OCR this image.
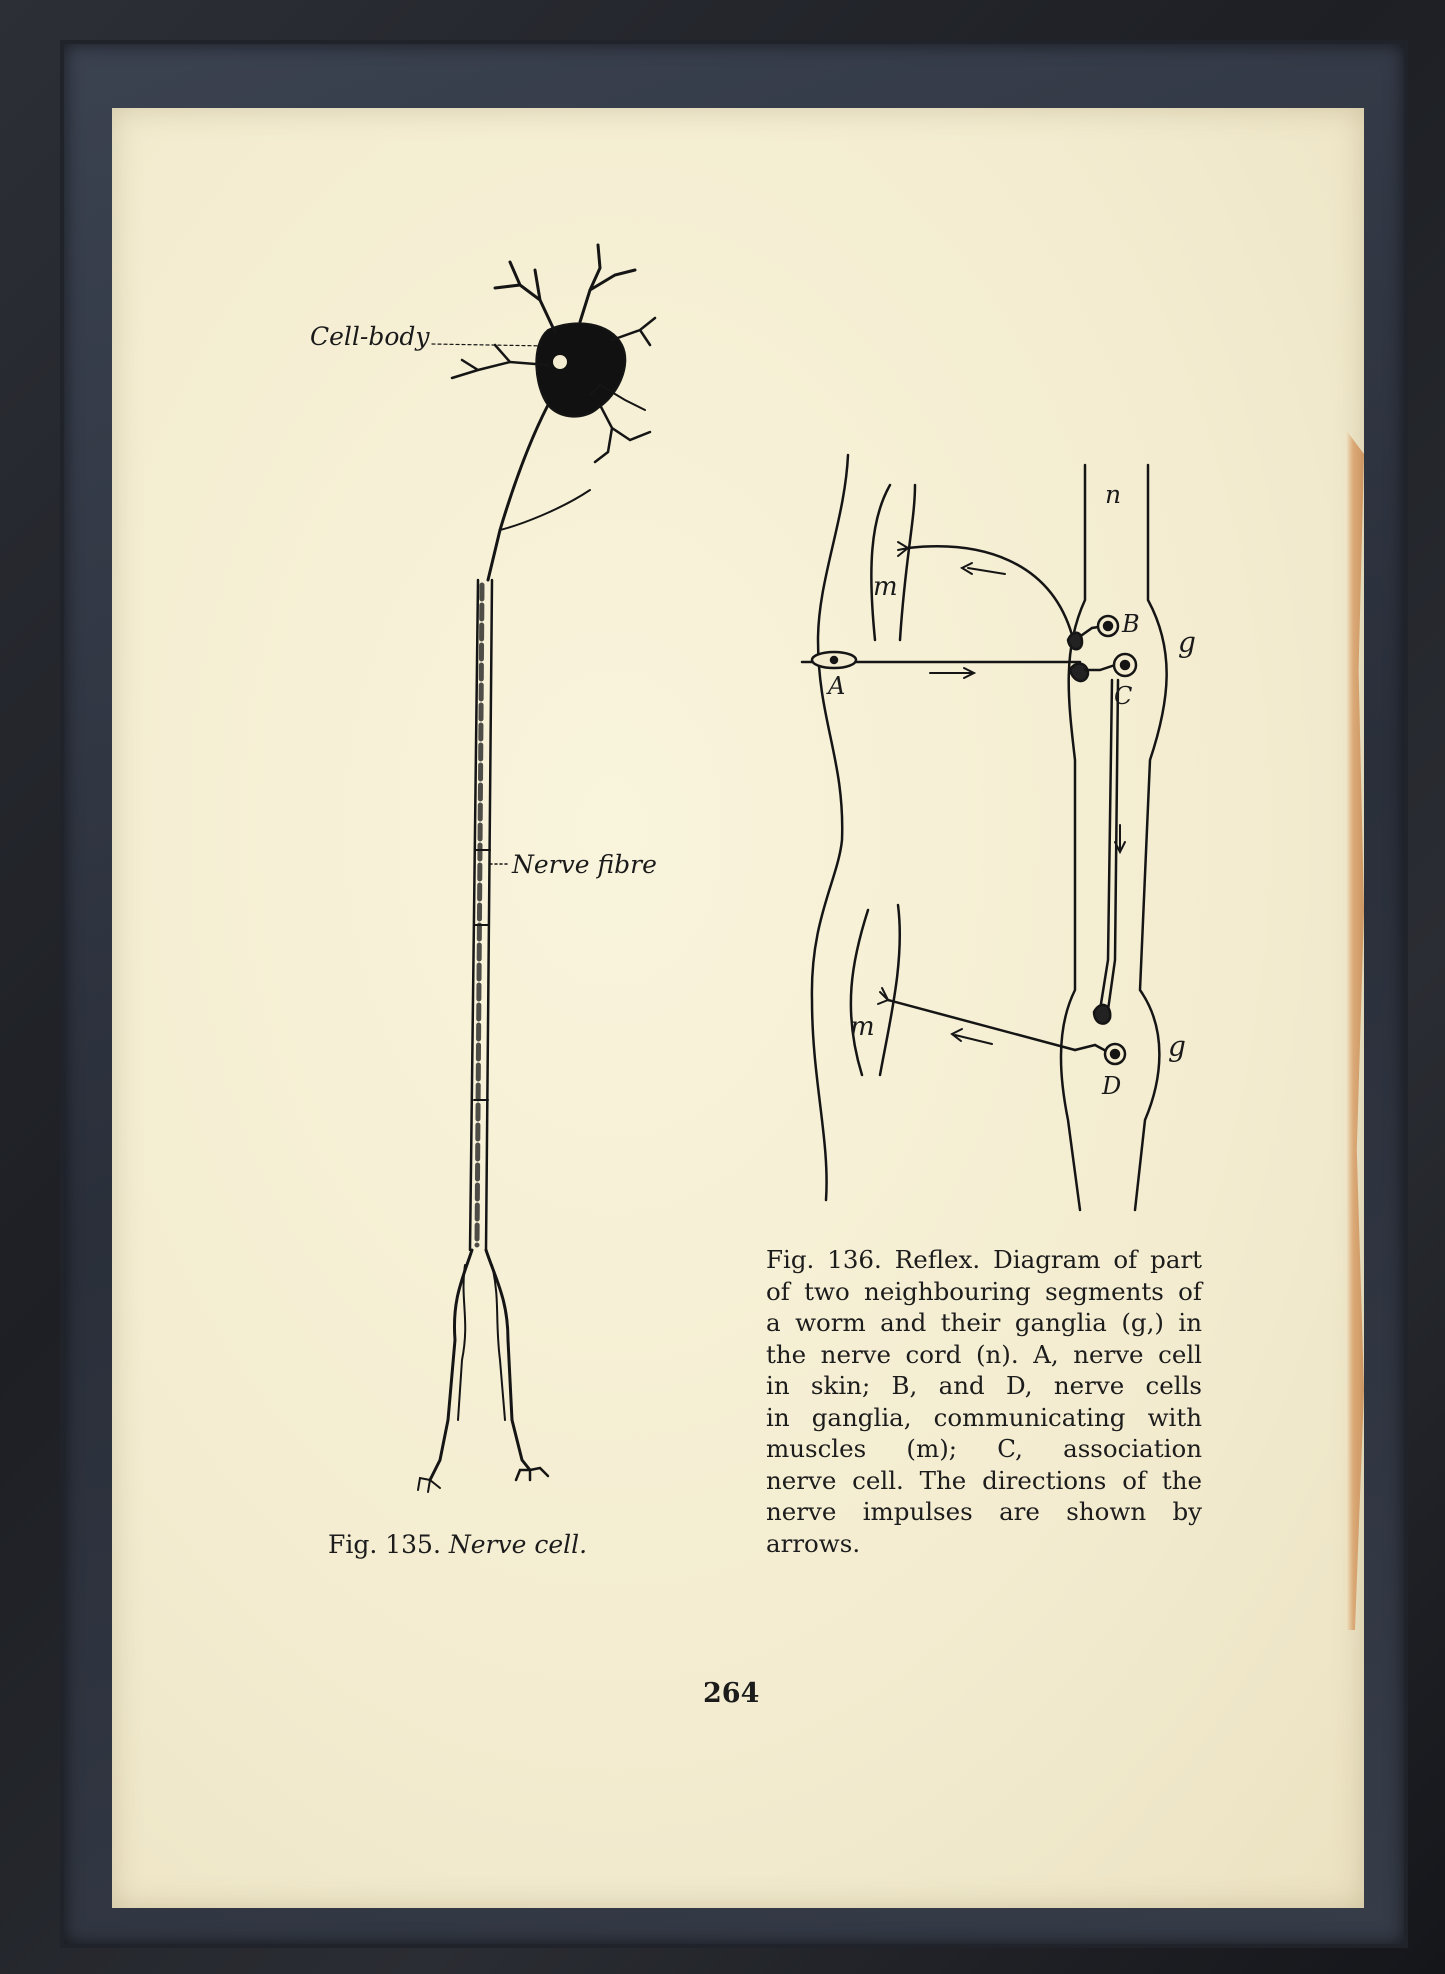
Cell-body
Nerve fibre
Fig. 135. Nerve cell.
n
m
m
g
g
A
B
C
D

Fig. 136. Reflex. Diagram of part

of two neighbouring segments of

a worm and their ganglia (g,) in

the nerve cord (n). A, nerve cell

in skin; B, and D, nerve cells

in ganglia, communicating with

muscles (m); C, association

nerve cell. The directions of the

nerve impulses are shown by

arrows.

264
